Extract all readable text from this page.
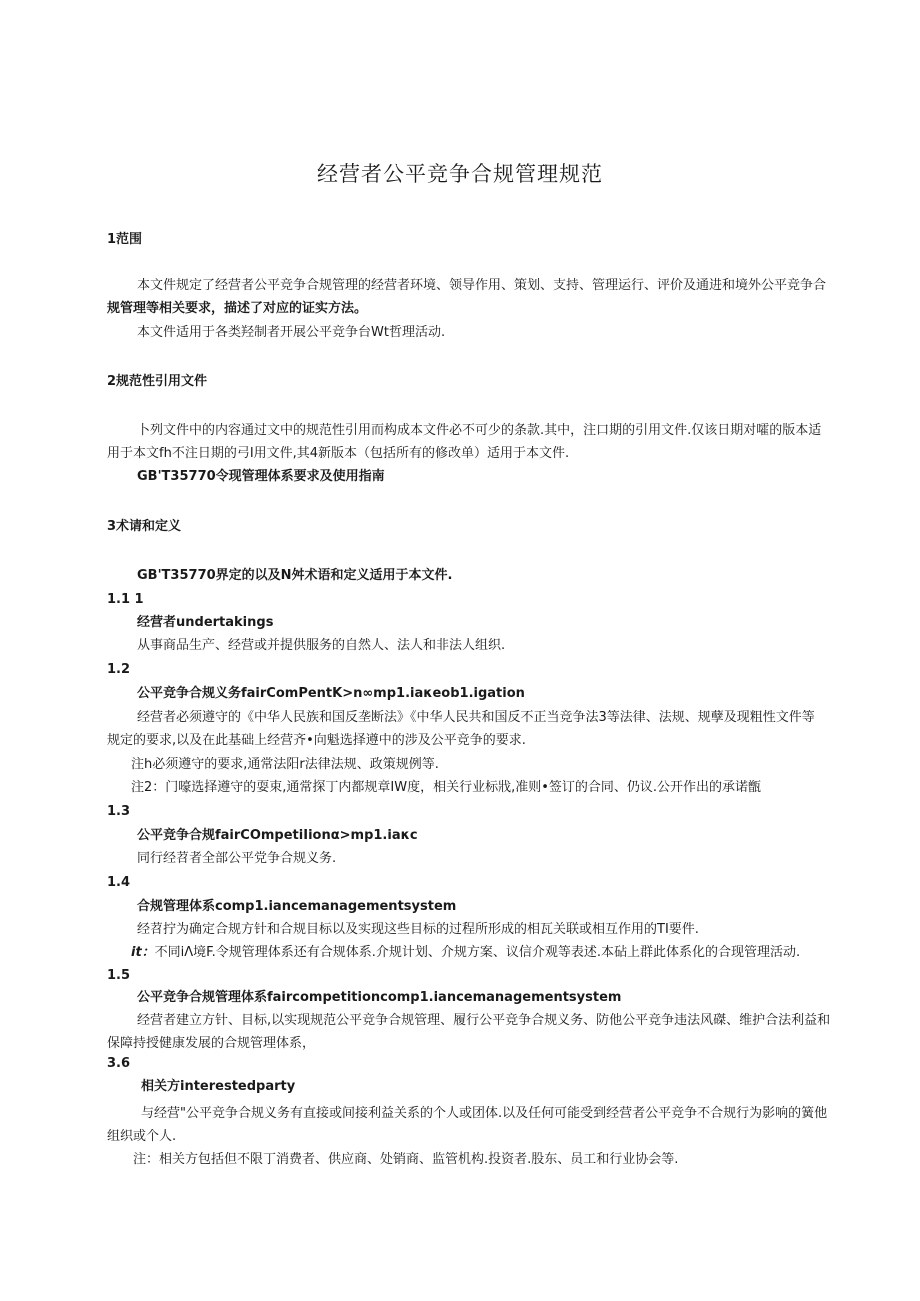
经营者公平竞争合规管理规范
1范围
本文件规定了经营者公平竞争合规管理的经营者环境、领导作用、策划、支持、管理运行、评价及通进和境外公平竞争合
规管理等相关要求，描述了对应的证实方法。
本文件适用于各类羟制者开展公平竞争台Wt哲理活动.
2规范性引用文件
卜列文件中的内容通过文中的规范性引用而构成本文件必不可少的条款.其中，注口期的引用文件.仅该日期对嚯的版本适
用于本文fh不注日期的弓I用文件,其4新版本（包括所有的修改单）适用于本文件.
GB'T35770令现管理体系要求及使用指南
3术请和定义
GB'T35770界定的以及N舛术语和定义适用于本文件.
1.1 1
经营者undertakings
从事商品生产、经营或并提供服务的自然人、法人和非法人组织.
1.2
公平竞争合规义务fairComPentK>n∞mp1.iaκeob1.igation
经营者必须遵守的《中华人民族和国反垄断法》《中华人民共和国反不正当竞争法3等法律、法规、规孽及现粗性文件等
规定的要求,以及在此基础上经营齐•向魁选择遵中的涉及公平竞争的要求.
注h必须遵守的要求,通常法阳r法律法规、政策规例等.
注2：门嚎选择遵守的耍束,通常探丁内都规章IW度，相关行业标戕,准则•签订的合同、仍议.公开作出的承诺甑
1.3
公平竞争合规fairCOmpetiIionα>mp1.iaκc
同行经苕者全部公平党争合规义务.
1.4
合规管理体系comp1.iancemanagementsystem
经苕拧为确定合规方针和合规目标以及实现这些目标的过程所形成的相瓦关联或相互作用的TI要件.
it：不同iΛ境F.令规管理体系还有合规体系.介规计划、介规方案、议信介观等表述.本砧上群此体系化的合现管理活动.
1.5
公平竞争合规管理体系faircompetitioncomp1.iancemanagementsystem
经营者建立方针、目标,以实现规范公平竞争合规管理、履行公平竞争合规义务、防他公平竞争违法风磔、维护合法利益和
保障持授健康发展的合规管理体系，
3.6
相关方interestedparty
与经营"公平竞争合规义务有直接或间接利益关系的个人或团体.以及任何可能受到经营者公平竞争不合规行为影响的簧他
组织或个人.
注：相关方包括但不限丁消费者、供应商、处销商、监管机构.投资者.股东、员工和行业协会等.
